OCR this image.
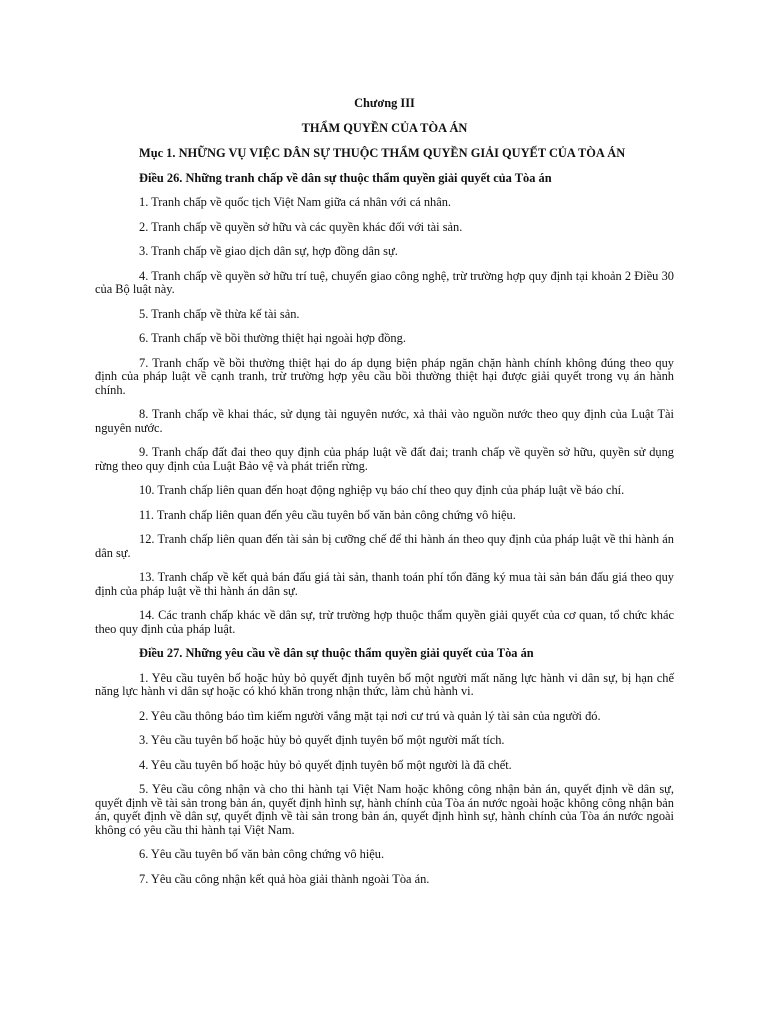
Chương III

THẨM QUYỀN CỦA TÒA ÁN

Mục 1. NHỮNG VỤ VIỆC DÂN SỰ THUỘC THẨM QUYỀN GIẢI QUYẾT CỦA TÒA ÁN

Điều 26. Những tranh chấp về dân sự thuộc thẩm quyền giải quyết của Tòa án

1. Tranh chấp về quốc tịch Việt Nam giữa cá nhân với cá nhân.

2. Tranh chấp về quyền sở hữu và các quyền khác đối với tài sản.

3. Tranh chấp về giao dịch dân sự, hợp đồng dân sự.

4. Tranh chấp về quyền sở hữu trí tuệ, chuyển giao công nghệ, trừ trường hợp quy định tại khoản 2 Điều 30 của Bộ luật này.

5. Tranh chấp về thừa kế tài sản.

6. Tranh chấp về bồi thường thiệt hại ngoài hợp đồng.

7. Tranh chấp về bồi thường thiệt hại do áp dụng biện pháp ngăn chặn hành chính không đúng theo quy định của pháp luật về cạnh tranh, trừ trường hợp yêu cầu bồi thường thiệt hại được giải quyết trong vụ án hành chính.

8. Tranh chấp về khai thác, sử dụng tài nguyên nước, xả thải vào nguồn nước theo quy định của Luật Tài nguyên nước.

9. Tranh chấp đất đai theo quy định của pháp luật về đất đai; tranh chấp về quyền sở hữu, quyền sử dụng rừng theo quy định của Luật Bảo vệ và phát triển rừng.

10. Tranh chấp liên quan đến hoạt động nghiệp vụ báo chí theo quy định của pháp luật về báo chí.

11. Tranh chấp liên quan đến yêu cầu tuyên bố văn bản công chứng vô hiệu.

12. Tranh chấp liên quan đến tài sản bị cưỡng chế để thi hành án theo quy định của pháp luật về thi hành án dân sự.

13. Tranh chấp về kết quả bán đấu giá tài sản, thanh toán phí tổn đăng ký mua tài sản bán đấu giá theo quy định của pháp luật về thi hành án dân sự.

14. Các tranh chấp khác về dân sự, trừ trường hợp thuộc thẩm quyền giải quyết của cơ quan, tổ chức khác theo quy định của pháp luật.

Điều 27. Những yêu cầu về dân sự thuộc thẩm quyền giải quyết của Tòa án

1. Yêu cầu tuyên bố hoặc hủy bỏ quyết định tuyên bố một người mất năng lực hành vi dân sự, bị hạn chế năng lực hành vi dân sự hoặc có khó khăn trong nhận thức, làm chủ hành vi.

2. Yêu cầu thông báo tìm kiếm người vắng mặt tại nơi cư trú và quản lý tài sản của người đó.

3. Yêu cầu tuyên bố hoặc hủy bỏ quyết định tuyên bố một người mất tích.

4. Yêu cầu tuyên bố hoặc hủy bỏ quyết định tuyên bố một người là đã chết.

5. Yêu cầu công nhận và cho thi hành tại Việt Nam hoặc không công nhận bản án, quyết định về dân sự, quyết định về tài sản trong bản án, quyết định hình sự, hành chính của Tòa án nước ngoài hoặc không công nhận bản án, quyết định về dân sự, quyết định về tài sản trong bản án, quyết định hình sự, hành chính của Tòa án nước ngoài không có yêu cầu thi hành tại Việt Nam.

6. Yêu cầu tuyên bố văn bản công chứng vô hiệu.

7. Yêu cầu công nhận kết quả hòa giải thành ngoài Tòa án.
